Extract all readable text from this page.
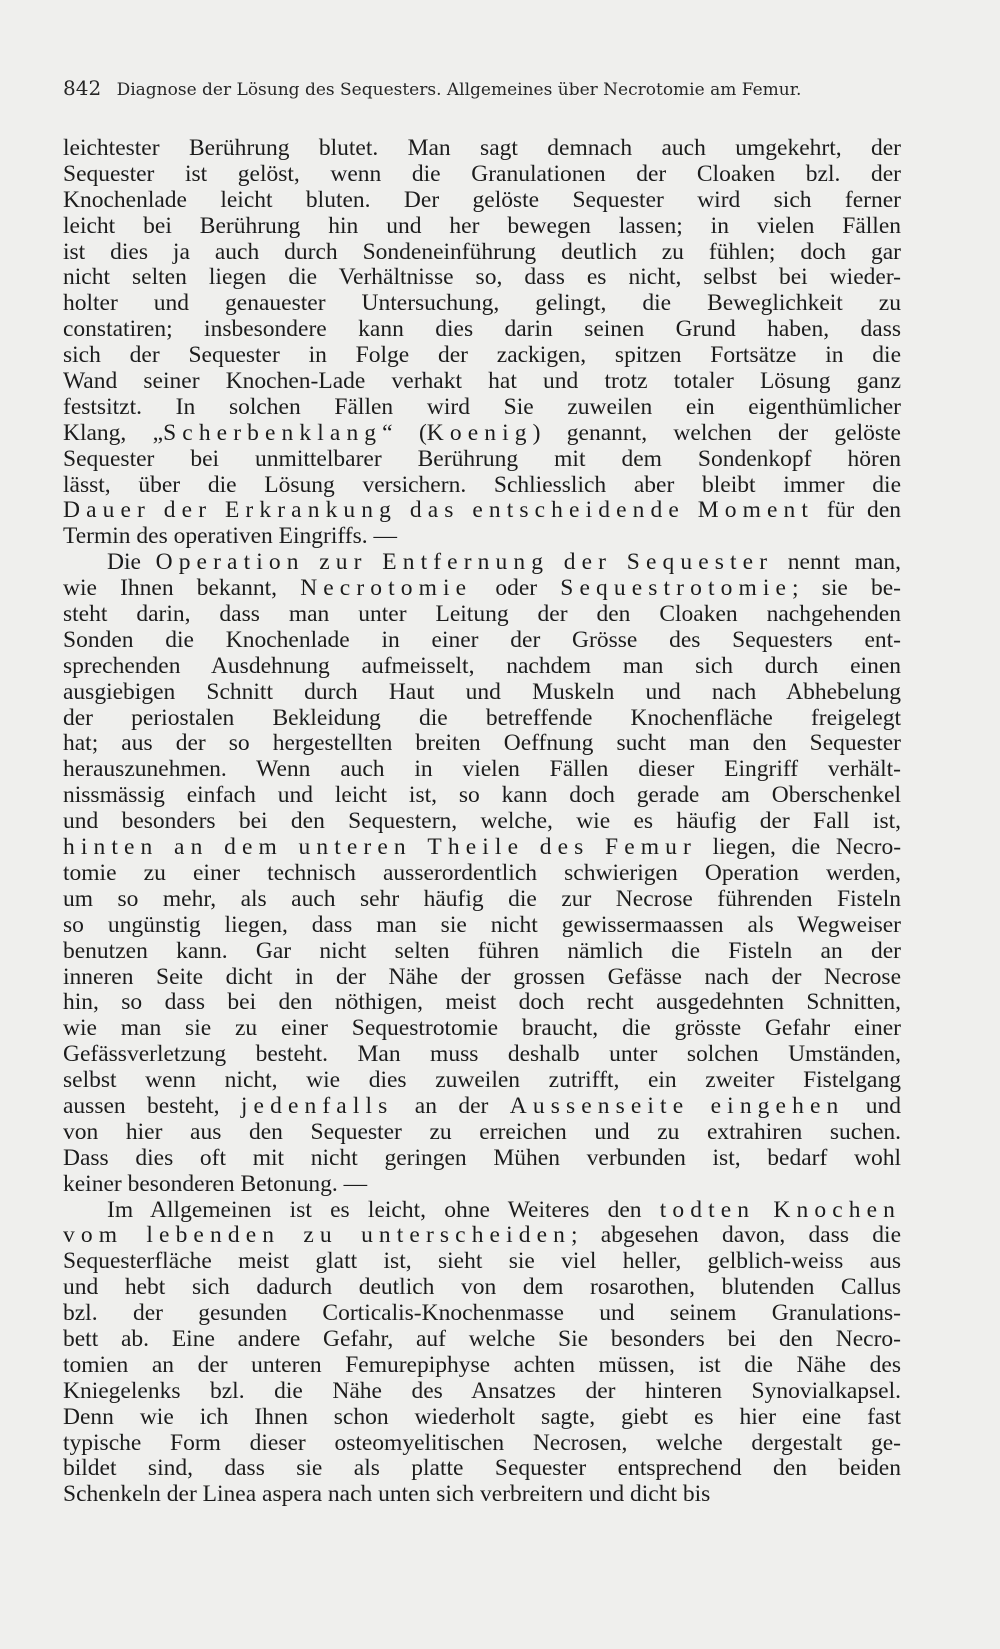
842 Diagnose der Lösung des Sequesters. Allgemeines über Necrotomie am Femur.
leichtester Berührung blutet. Man sagt demnach auch umgekehrt, der
Sequester ist gelöst, wenn die Granulationen der Cloaken bzl. der
Knochenlade leicht bluten. Der gelöste Sequester wird sich ferner
leicht bei Berührung hin und her bewegen lassen; in vielen Fällen
ist dies ja auch durch Sondeneinführung deutlich zu fühlen; doch gar
nicht selten liegen die Verhältnisse so, dass es nicht, selbst bei wieder-
holter und genauester Untersuchung, gelingt, die Beweglichkeit zu
constatiren; insbesondere kann dies darin seinen Grund haben, dass
sich der Sequester in Folge der zackigen, spitzen Fortsätze in die
Wand seiner Knochen-Lade verhakt hat und trotz totaler Lösung ganz
festsitzt. In solchen Fällen wird Sie zuweilen ein eigenthümlicher
Klang, „Scherbenklang“ (Koenig) genannt, welchen der gelöste
Sequester bei unmittelbarer Berührung mit dem Sondenkopf hören
lässt, über die Lösung versichern. Schliesslich aber bleibt immer die
Dauer der Erkrankung das entscheidende Moment für den
Termin des operativen Eingriffs. —
Die Operation zur Entfernung der Sequester nennt man,
wie Ihnen bekannt, Necrotomie oder Sequestrotomie; sie be-
steht darin, dass man unter Leitung der den Cloaken nachgehenden
Sonden die Knochenlade in einer der Grösse des Sequesters ent-
sprechenden Ausdehnung aufmeisselt, nachdem man sich durch einen
ausgiebigen Schnitt durch Haut und Muskeln und nach Abhebelung
der periostalen Bekleidung die betreffende Knochenfläche freigelegt
hat; aus der so hergestellten breiten Oeffnung sucht man den Sequester
herauszunehmen. Wenn auch in vielen Fällen dieser Eingriff verhält-
nissmässig einfach und leicht ist, so kann doch gerade am Oberschenkel
und besonders bei den Sequestern, welche, wie es häufig der Fall ist,
hinten an dem unteren Theile des Femur liegen, die Necro-
tomie zu einer technisch ausserordentlich schwierigen Operation werden,
um so mehr, als auch sehr häufig die zur Necrose führenden Fisteln
so ungünstig liegen, dass man sie nicht gewissermaassen als Wegweiser
benutzen kann. Gar nicht selten führen nämlich die Fisteln an der
inneren Seite dicht in der Nähe der grossen Gefässe nach der Necrose
hin, so dass bei den nöthigen, meist doch recht ausgedehnten Schnitten,
wie man sie zu einer Sequestrotomie braucht, die grösste Gefahr einer
Gefässverletzung besteht. Man muss deshalb unter solchen Umständen,
selbst wenn nicht, wie dies zuweilen zutrifft, ein zweiter Fistelgang
aussen besteht, jedenfalls an der Aussenseite eingehen und
von hier aus den Sequester zu erreichen und zu extrahiren suchen.
Dass dies oft mit nicht geringen Mühen verbunden ist, bedarf wohl
keiner besonderen Betonung. —
Im Allgemeinen ist es leicht, ohne Weiteres den todten Knochen
vom lebenden zu unterscheiden; abgesehen davon, dass die
Sequesterfläche meist glatt ist, sieht sie viel heller, gelblich-weiss aus
und hebt sich dadurch deutlich von dem rosarothen, blutenden Callus
bzl. der gesunden Corticalis-Knochenmasse und seinem Granulations-
bett ab. Eine andere Gefahr, auf welche Sie besonders bei den Necro-
tomien an der unteren Femurepiphyse achten müssen, ist die Nähe des
Kniegelenks bzl. die Nähe des Ansatzes der hinteren Synovialkapsel.
Denn wie ich Ihnen schon wiederholt sagte, giebt es hier eine fast
typische Form dieser osteomyelitischen Necrosen, welche dergestalt ge-
bildet sind, dass sie als platte Sequester entsprechend den beiden
Schenkeln der Linea aspera nach unten sich verbreitern und dicht bis
